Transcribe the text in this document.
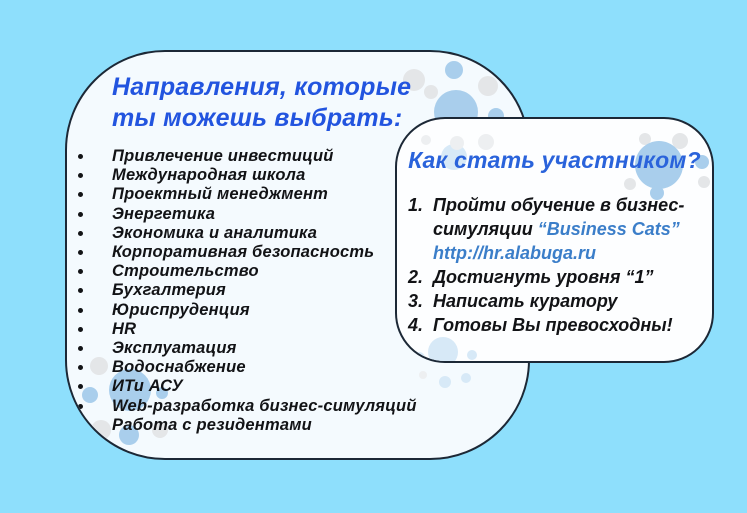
Направления, которые ты можешь выбрать:
Привлечение инвестиций
Международная школа
Проектный менеджмент
Энергетика
Экономика и аналитика
Корпоративная безопасность
Строительство
Бухгалтерия
Юриспруденция
HR
Эксплуатация
Водоснабжение
ИТи АСУ
Web-разработка бизнес-симуляций
Работа с резидентами
Как стать участником?
1. Пройти обучение в бизнес-
симуляции “Business Cats”
http://hr.alabuga.ru
2. Достигнуть уровня “1”
3. Написать куратору
4. Готовы Вы превосходны!
